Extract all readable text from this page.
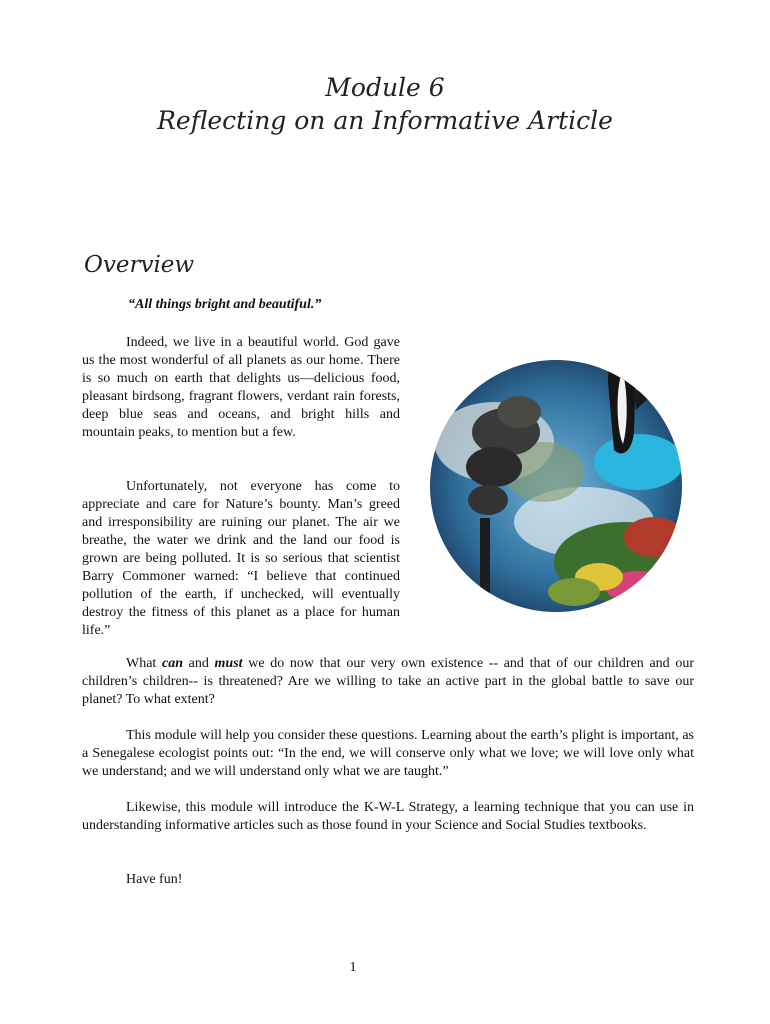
Module 6
Reflecting on an Informative Article
Overview
“All things bright and beautiful.”

Indeed, we live in a beautiful world. God gave us the most wonderful of all planets as our home. There is so much on earth that delights us—delicious food, pleasant birdsong, fragrant flowers, verdant rain forests, deep blue seas and oceans, and bright hills and mountain peaks, to mention but a few.

Unfortunately, not everyone has come to appreciate and care for Nature’s bounty. Man’s greed and irresponsibility are ruining our planet. The air we breathe, the water we drink and the land our food is grown are being polluted. It is so serious that scientist Barry Commoner warned: “I believe that continued pollution of the earth, if unchecked, will eventually destroy the fitness of this planet as a place for human life.”

What can and must we do now that our very own existence -- and that of our children and our children’s children-- is threatened? Are we willing to take an active part in the global battle to save our planet? To what extent?

This module will help you consider these questions. Learning about the earth’s plight is important, as a Senegalese ecologist points out: “In the end, we will conserve only what we love; we will love only what we understand; and we will understand only what we are taught.”

Likewise, this module will introduce the K-W-L Strategy, a learning technique that you can use in understanding informative articles such as those found in your Science and Social Studies textbooks.

Have fun!

1
